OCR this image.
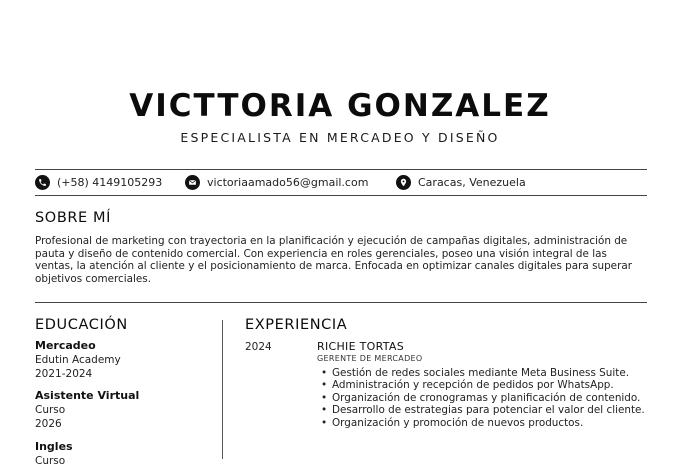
VICTTORIA GONZALEZ
ESPECIALISTA EN MERCADEO Y DISEÑO
(+58) 4149105293	victoriaamado56@gmail.com	Caracas, Venezuela
SOBRE MÍ
Profesional de marketing con trayectoria en la planificación y ejecución de campañas digitales, administración de pauta y diseño de contenido comercial. Con experiencia en roles gerenciales, poseo una visión integral de las ventas, la atención al cliente y el posicionamiento de marca. Enfocada en optimizar canales digitales para superar objetivos comerciales.
EDUCACIÓN
Mercadeo
Edutin Academy
2021-2024
Asistente Virtual
Curso
2026
Ingles
Curso
EXPERIENCIA
2024	RICHIE TORTAS
GERENTE DE MERCADEO
• Gestión de redes sociales mediante Meta Business Suite.
• Administración y recepción de pedidos por WhatsApp.
• Organización de cronogramas y planificación de contenido.
• Desarrollo de estrategias para potenciar el valor del cliente.
• Organización y promoción de nuevos productos.
